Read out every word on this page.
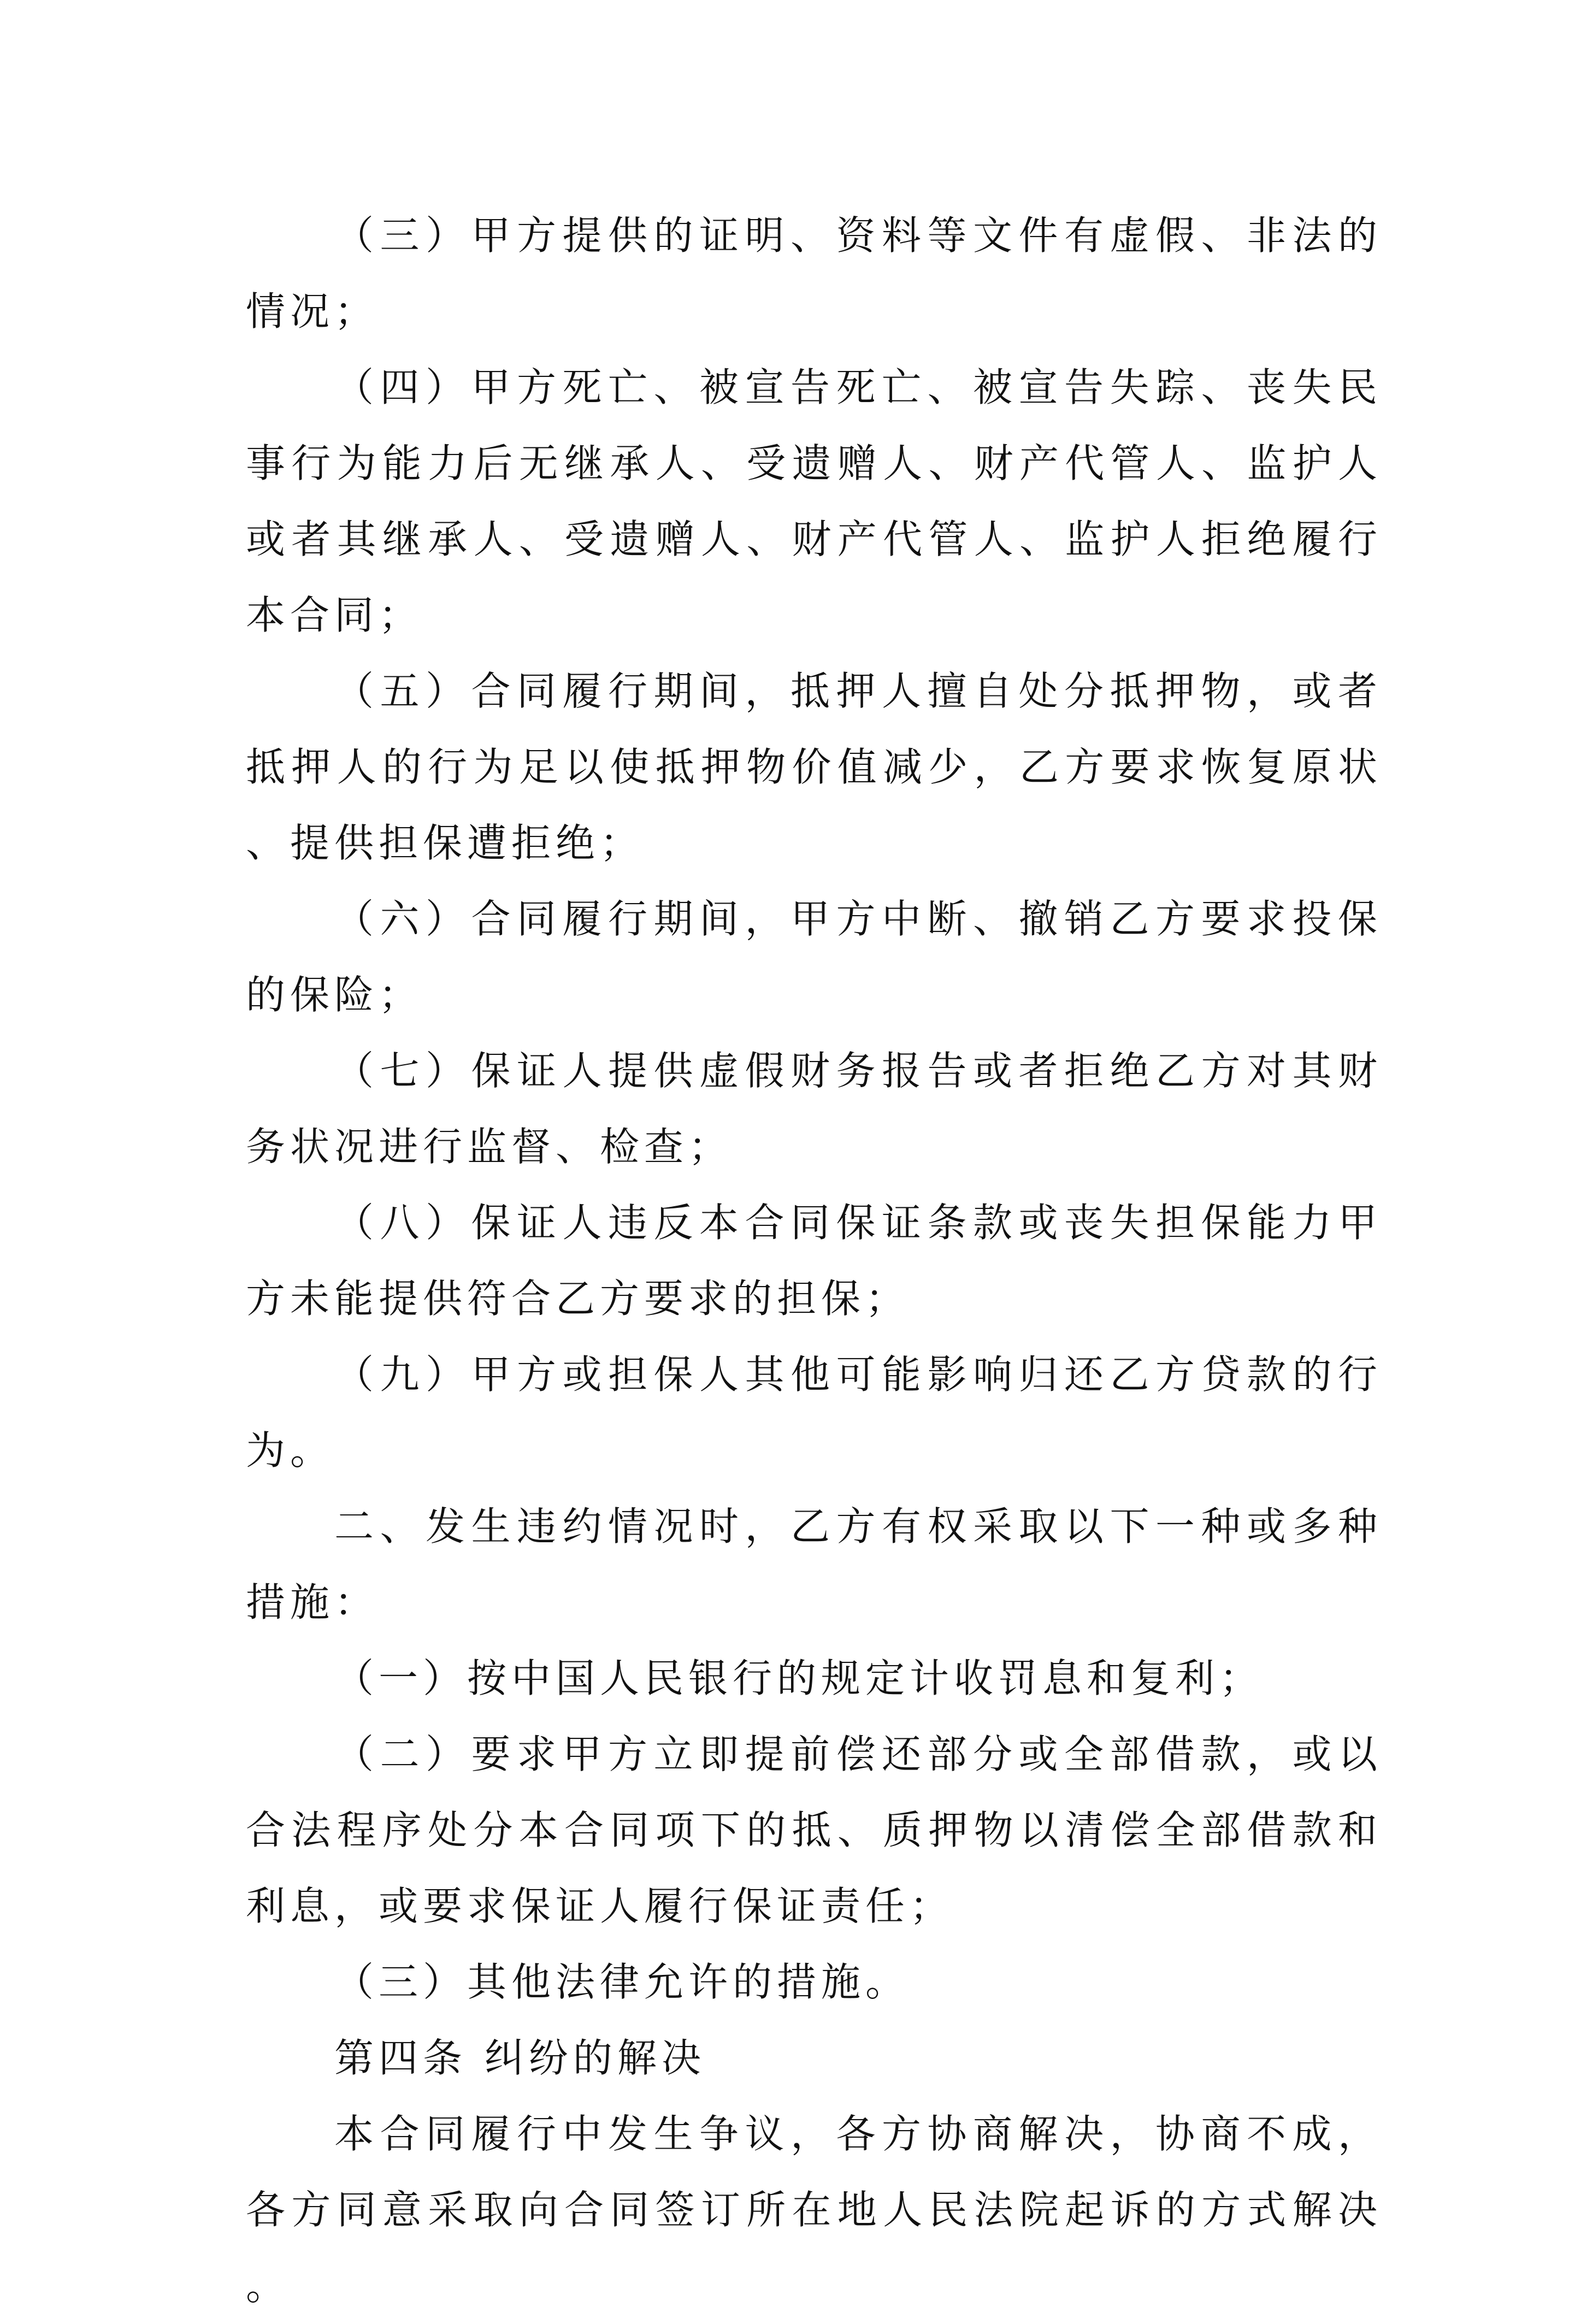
（三）甲方提供的证明、资料等文件有虚假、非法的情况；

（四）甲方死亡、被宣告死亡、被宣告失踪、丧失民事行为能力后无继承人、受遗赠人、财产代管人、监护人或者其继承人、受遗赠人、财产代管人、监护人拒绝履行本合同；

（五）合同履行期间，抵押人擅自处分抵押物，或者抵押人的行为足以使抵押物价值减少，乙方要求恢复原状、提供担保遭拒绝；

（六）合同履行期间，甲方中断、撤销乙方要求投保的保险；

（七）保证人提供虚假财务报告或者拒绝乙方对其财务状况进行监督、检查；

（八）保证人违反本合同保证条款或丧失担保能力甲方未能提供符合乙方要求的担保；

（九）甲方或担保人其他可能影响归还乙方贷款的行为。

二、发生违约情况时，乙方有权采取以下一种或多种措施：

（一）按中国人民银行的规定计收罚息和复利；

（二）要求甲方立即提前偿还部分或全部借款，或以合法程序处分本合同项下的抵、质押物以清偿全部借款和利息，或要求保证人履行保证责任；

（三）其他法律允许的措施。

第四条 纠纷的解决

本合同履行中发生争议，各方协商解决，协商不成，各方同意采取向合同签订所在地人民法院起诉的方式解决。
